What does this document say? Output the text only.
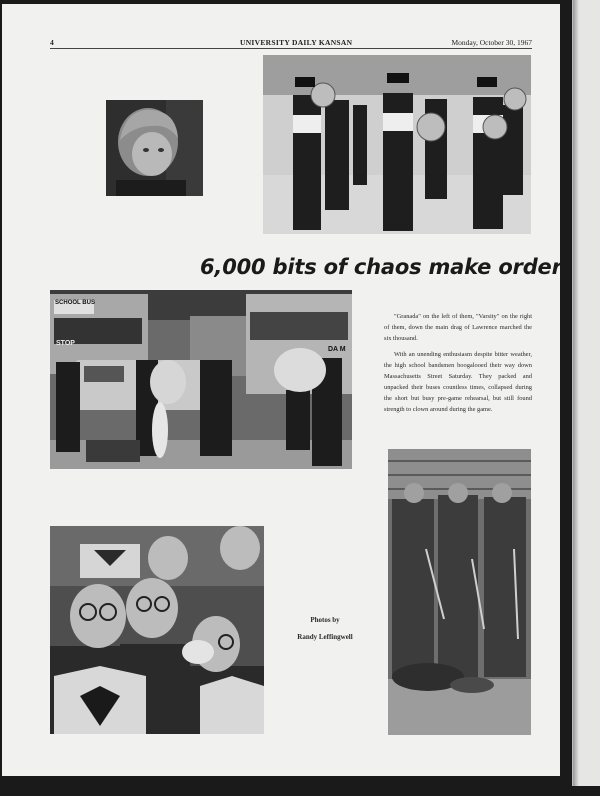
4	UNIVERSITY DAILY KANSAN	Monday, October 30, 1967
6,000 bits of chaos make order
SCHOOL BUS
STOP
DA M

"Granada" on the left of them, "Varsity" on the right of them, down the main drag of Lawrence marched the six thousand.

With an unending enthusiasm despite bitter weather, the high school bandsmen boogalooed their way down Massachusetts Street Saturday. They packed and unpacked their buses countless times, collapsed during the short but busy pre-game rehearsal, but still found strength to clown around during the game.

Photos by
Randy Leffingwell
